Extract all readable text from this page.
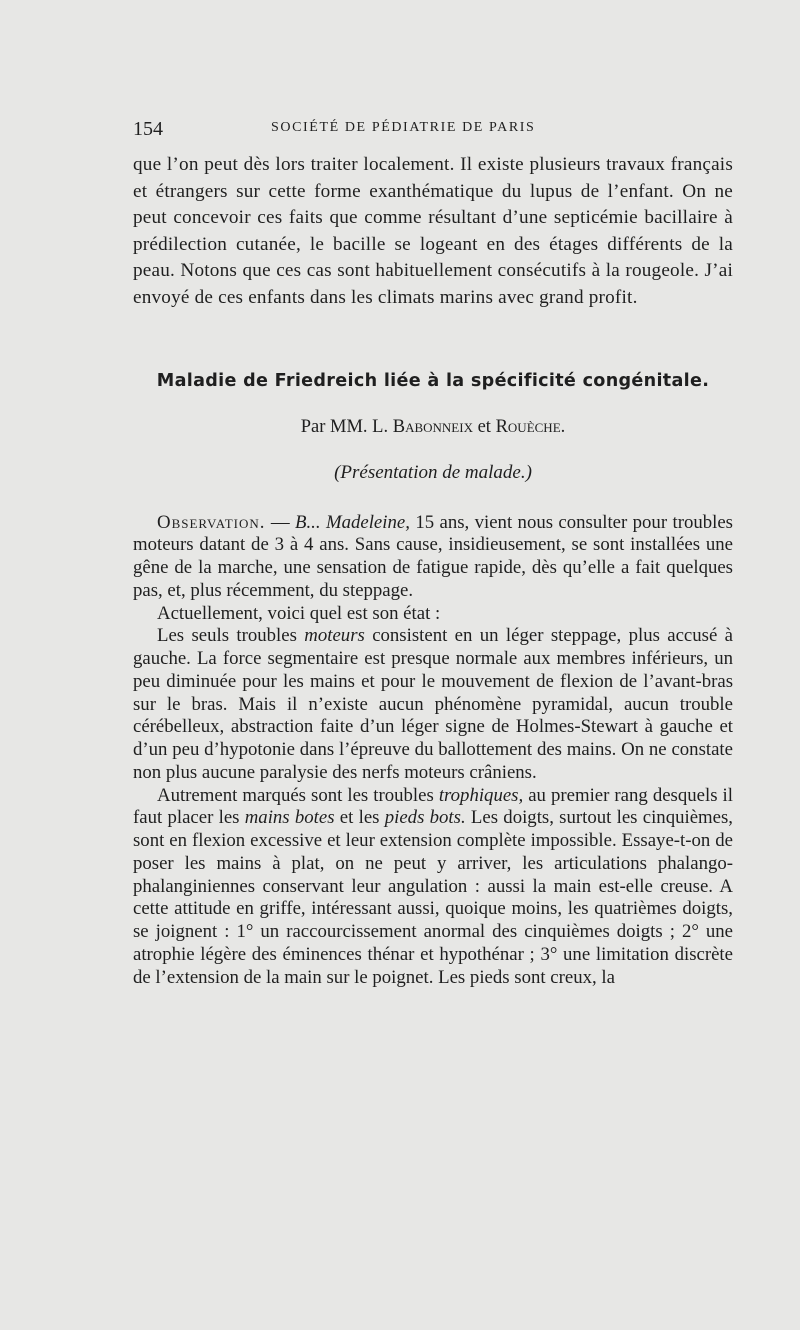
154	SOCIÉTÉ DE PÉDIATRIE DE PARIS

que l’on peut dès lors traiter localement. Il existe plusieurs travaux français et étrangers sur cette forme exanthématique du lupus de l’enfant. On ne peut concevoir ces faits que comme résultant d’une septicémie bacillaire à prédilection cutanée, le bacille se logeant en des étages différents de la peau. Notons que ces cas sont habituellement consécutifs à la rougeole. J’ai envoyé de ces enfants dans les climats marins avec grand profit.

Maladie de Friedreich liée à la spécificité congénitale.

Par MM. L. Babonneix et Rouèche.

(Présentation de malade.)

Observation. — B... Madeleine, 15 ans, vient nous consulter pour troubles moteurs datant de 3 à 4 ans. Sans cause, insidieusement, se sont installées une gêne de la marche, une sensation de fatigue rapide, dès qu’elle a fait quelques pas, et, plus récemment, du steppage.

Actuellement, voici quel est son état :

Les seuls troubles moteurs consistent en un léger steppage, plus accusé à gauche. La force segmentaire est presque normale aux membres inférieurs, un peu diminuée pour les mains et pour le mouvement de flexion de l’avant-bras sur le bras. Mais il n’existe aucun phénomène pyramidal, aucun trouble cérébelleux, abstraction faite d’un léger signe de Holmes-Stewart à gauche et d’un peu d’hypotonie dans l’épreuve du ballottement des mains. On ne constate non plus aucune paralysie des nerfs moteurs crâniens.

Autrement marqués sont les troubles trophiques, au premier rang desquels il faut placer les mains botes et les pieds bots. Les doigts, surtout les cinquièmes, sont en flexion excessive et leur extension complète impossible. Essaye-t-on de poser les mains à plat, on ne peut y arriver, les articulations phalango-phalanginiennes conservant leur angulation : aussi la main est-elle creuse. A cette attitude en griffe, intéressant aussi, quoique moins, les quatrièmes doigts, se joignent : 1° un raccourcissement anormal des cinquièmes doigts ; 2° une atrophie légère des éminences thénar et hypothénar ; 3° une limitation discrète de l’extension de la main sur le poignet. Les pieds sont creux, la
